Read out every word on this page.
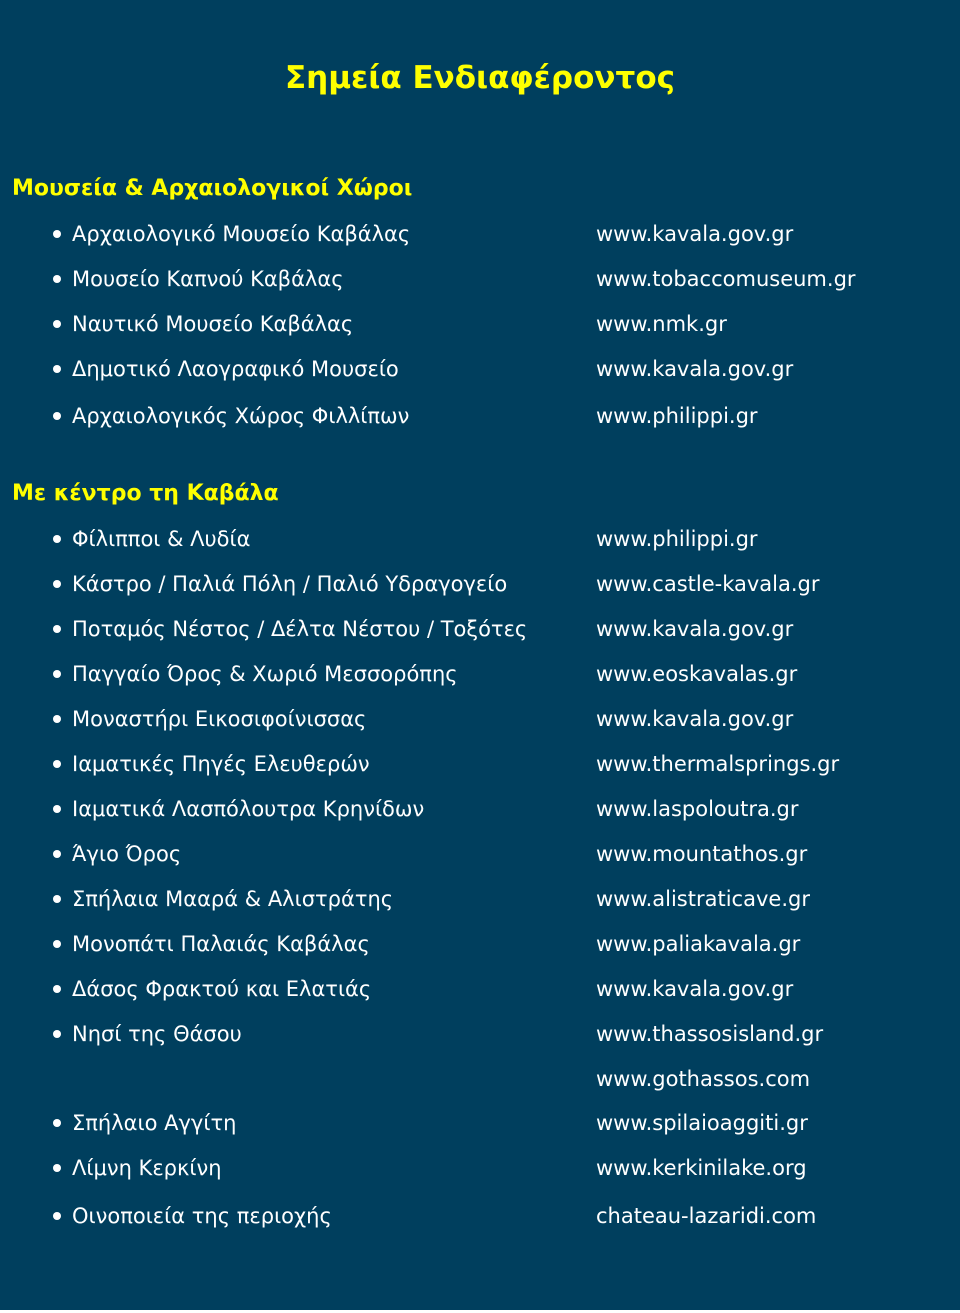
Σημεία Ενδιαφέροντος
Μουσεία & Αρχαιολογικοί Χώροι
Αρχαιολογικό Μουσείο Καβάλας	www.kavala.gov.gr
Μουσείο Καπνού Καβάλας	www.tobaccomuseum.gr
Ναυτικό Μουσείο Καβάλας	www.nmk.gr
Δημοτικό Λαογραφικό Μουσείο	www.kavala.gov.gr
Αρχαιολογικός Χώρος Φιλλίπων	www.philippi.gr
Με κέντρο τη Καβάλα
Φίλιπποι & Λυδία	www.philippi.gr
Κάστρο / Παλιά Πόλη / Παλιό Υδραγογείο	www.castle-kavala.gr
Ποταμός Νέστος / Δέλτα Νέστου / Τοξότες	www.kavala.gov.gr
Παγγαίο Όρος & Χωριό Μεσσορόπης	www.eoskavalas.gr
Μοναστήρι Εικοσιφοίνισσας	www.kavala.gov.gr
Ιαματικές Πηγές Ελευθερών	www.thermalsprings.gr
Ιαματικά Λασπόλουτρα Κρηνίδων	www.laspoloutra.gr
Άγιο Όρος	www.mountathos.gr
Σπήλαια Μααρά & Αλιστράτης	www.alistraticave.gr
Μονοπάτι Παλαιάς Καβάλας	www.paliakavala.gr
Δάσος Φρακτού και Ελατιάς	www.kavala.gov.gr
Νησί της Θάσου	www.thassosisland.gr
www.gothassos.com
Σπήλαιο Αγγίτη	www.spilaioaggiti.gr
Λίμνη Κερκίνη	www.kerkinilake.org
Οινοποιεία της περιοχής	chateau-lazaridi.com
